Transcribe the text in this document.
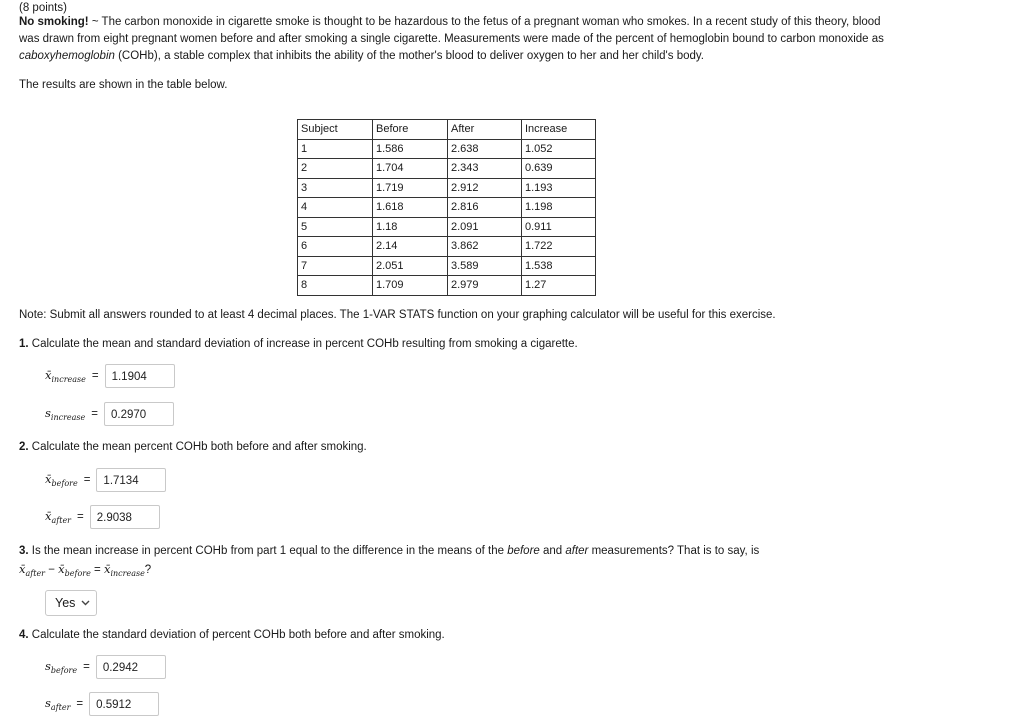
(8 points)
No smoking! ~ The carbon monoxide in cigarette smoke is thought to be hazardous to the fetus of a pregnant woman who smokes. In a recent study of this theory, blood was drawn from eight pregnant women before and after smoking a single cigarette. Measurements were made of the percent of hemoglobin bound to carbon monoxide as caboxyhemoglobin (COHb), a stable complex that inhibits the ability of the mother's blood to deliver oxygen to her and her child's body.
The results are shown in the table below.
Subject	Before	After	Increase
1	1.586	2.638	1.052
2	1.704	2.343	0.639
3	1.719	2.912	1.193
4	1.618	2.816	1.198
5	1.18	2.091	0.911
6	2.14	3.862	1.722
7	2.051	3.589	1.538
8	1.709	2.979	1.27
Note: Submit all answers rounded to at least 4 decimal places. The 1-VAR STATS function on your graphing calculator will be useful for this exercise.
1. Calculate the mean and standard deviation of increase in percent COHb resulting from smoking a cigarette.
$x̄_{increase}$ =	1.1904
$s_{increase}$ =	0.2970
2. Calculate the mean percent COHb both before and after smoking.
$x̄_{before}$ =	1.7134
$x̄_{after}$ =	2.9038
3. Is the mean increase in percent COHb from part 1 equal to the difference in the means of the before and after measurements? That is to say, is
$x̄_{after}$ − $x̄_{before}$ = $x̄_{increase}$?
Yes
4. Calculate the standard deviation of percent COHb both before and after smoking.
$s_{before}$ =	0.2942
$s_{after}$ =	0.5912
